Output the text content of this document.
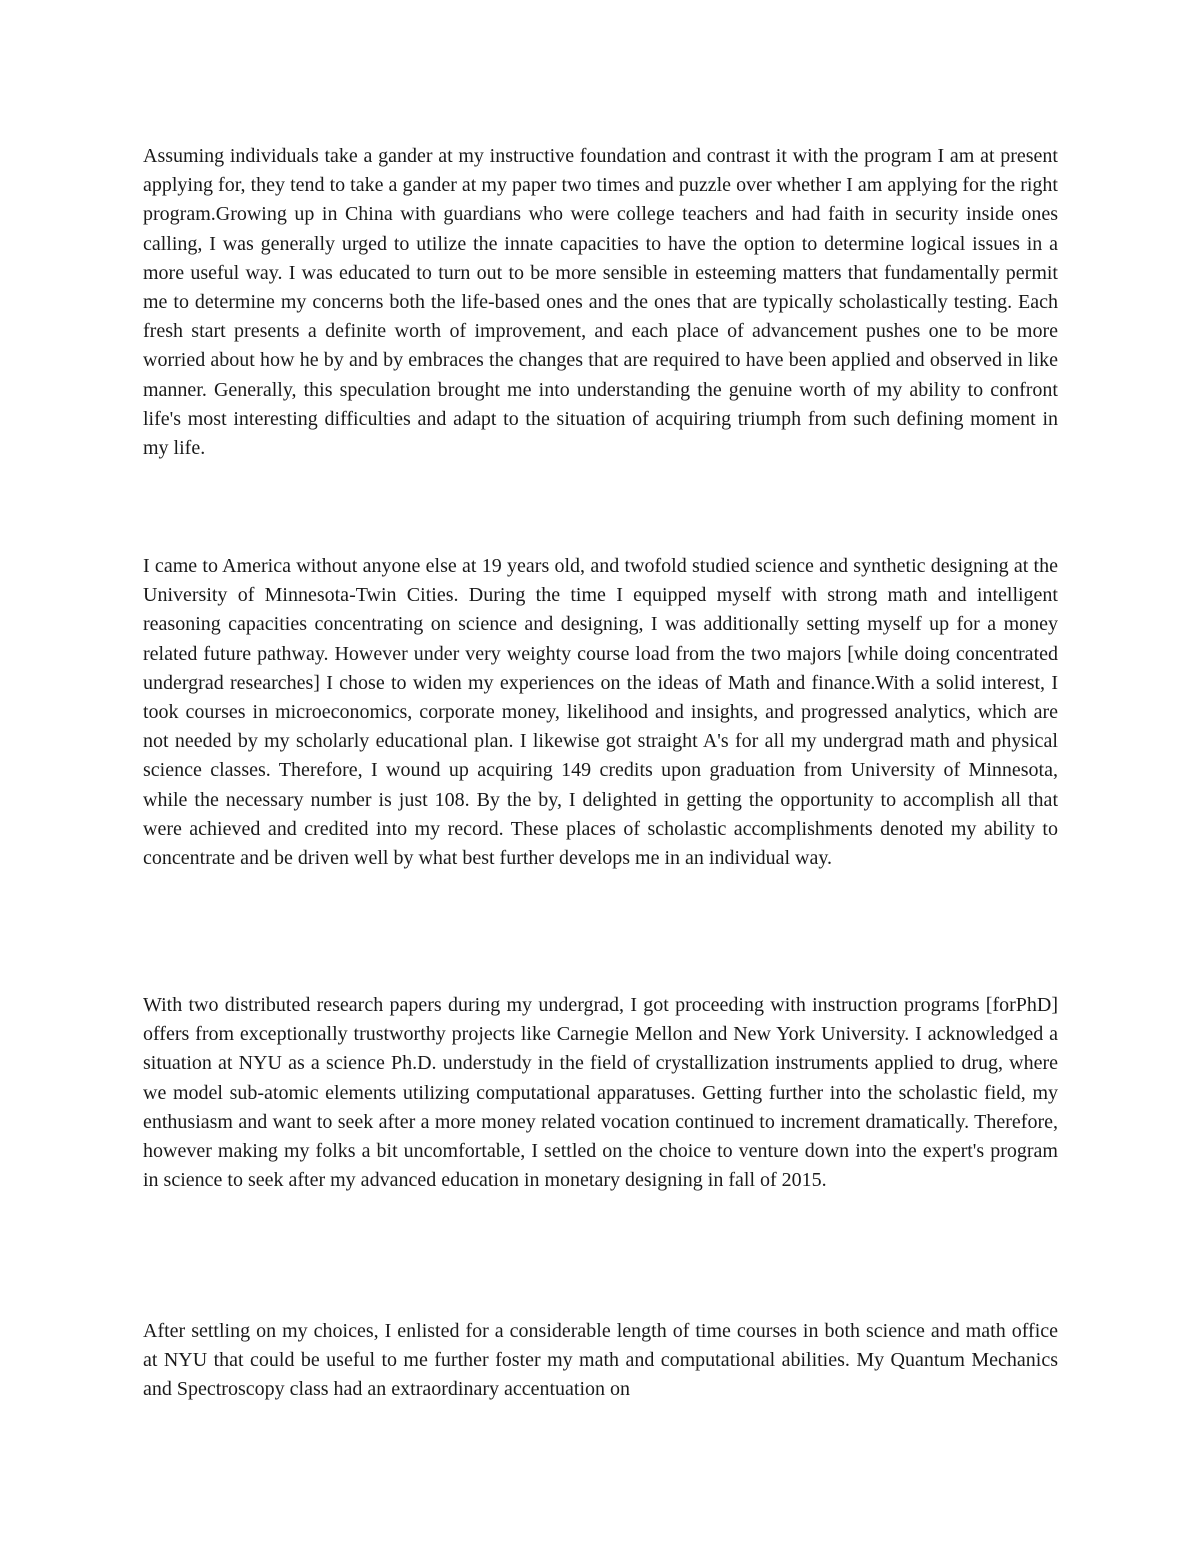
Assuming individuals take a gander at my instructive foundation and contrast it with the program I am at present applying for, they tend to take a gander at my paper two times and puzzle over whether I am applying for the right program.Growing up in China with guardians who were college teachers and had faith in security inside ones calling, I was generally urged to utilize the innate capacities to have the option to determine logical issues in a more useful way. I was educated to turn out to be more sensible in esteeming matters that fundamentally permit me to determine my concerns both the life-based ones and the ones that are typically scholastically testing. Each fresh start presents a definite worth of improvement, and each place of advancement pushes one to be more worried about how he by and by embraces the changes that are required to have been applied and observed in like manner. Generally, this speculation brought me into understanding the genuine worth of my ability to confront life's most interesting difficulties and adapt to the situation of acquiring triumph from such defining moment in my life.

I came to America without anyone else at 19 years old, and twofold studied science and synthetic designing at the University of Minnesota-Twin Cities. During the time I equipped myself with strong math and intelligent reasoning capacities concentrating on science and designing, I was additionally setting myself up for a money related future pathway. However under very weighty course load from the two majors [while doing concentrated undergrad researches] I chose to widen my experiences on the ideas of Math and finance.With a solid interest, I took courses in microeconomics, corporate money, likelihood and insights, and progressed analytics, which are not needed by my scholarly educational plan. I likewise got straight A's for all my undergrad math and physical science classes. Therefore, I wound up acquiring 149 credits upon graduation from University of Minnesota, while the necessary number is just 108. By the by, I delighted in getting the opportunity to accomplish all that were achieved and credited into my record. These places of scholastic accomplishments denoted my ability to concentrate and be driven well by what best further develops me in an individual way.

With two distributed research papers during my undergrad, I got proceeding with instruction programs [forPhD] offers from exceptionally trustworthy projects like Carnegie Mellon and New York University. I acknowledged a situation at NYU as a science Ph.D. understudy in the field of crystallization instruments applied to drug, where we model sub-atomic elements utilizing computational apparatuses. Getting further into the scholastic field, my enthusiasm and want to seek after a more money related vocation continued to increment dramatically. Therefore, however making my folks a bit uncomfortable, I settled on the choice to venture down into the expert's program in science to seek after my advanced education in monetary designing in fall of 2015.

After settling on my choices, I enlisted for a considerable length of time courses in both science and math office at NYU that could be useful to me further foster my math and computational abilities. My Quantum Mechanics and Spectroscopy class had an extraordinary accentuation on
